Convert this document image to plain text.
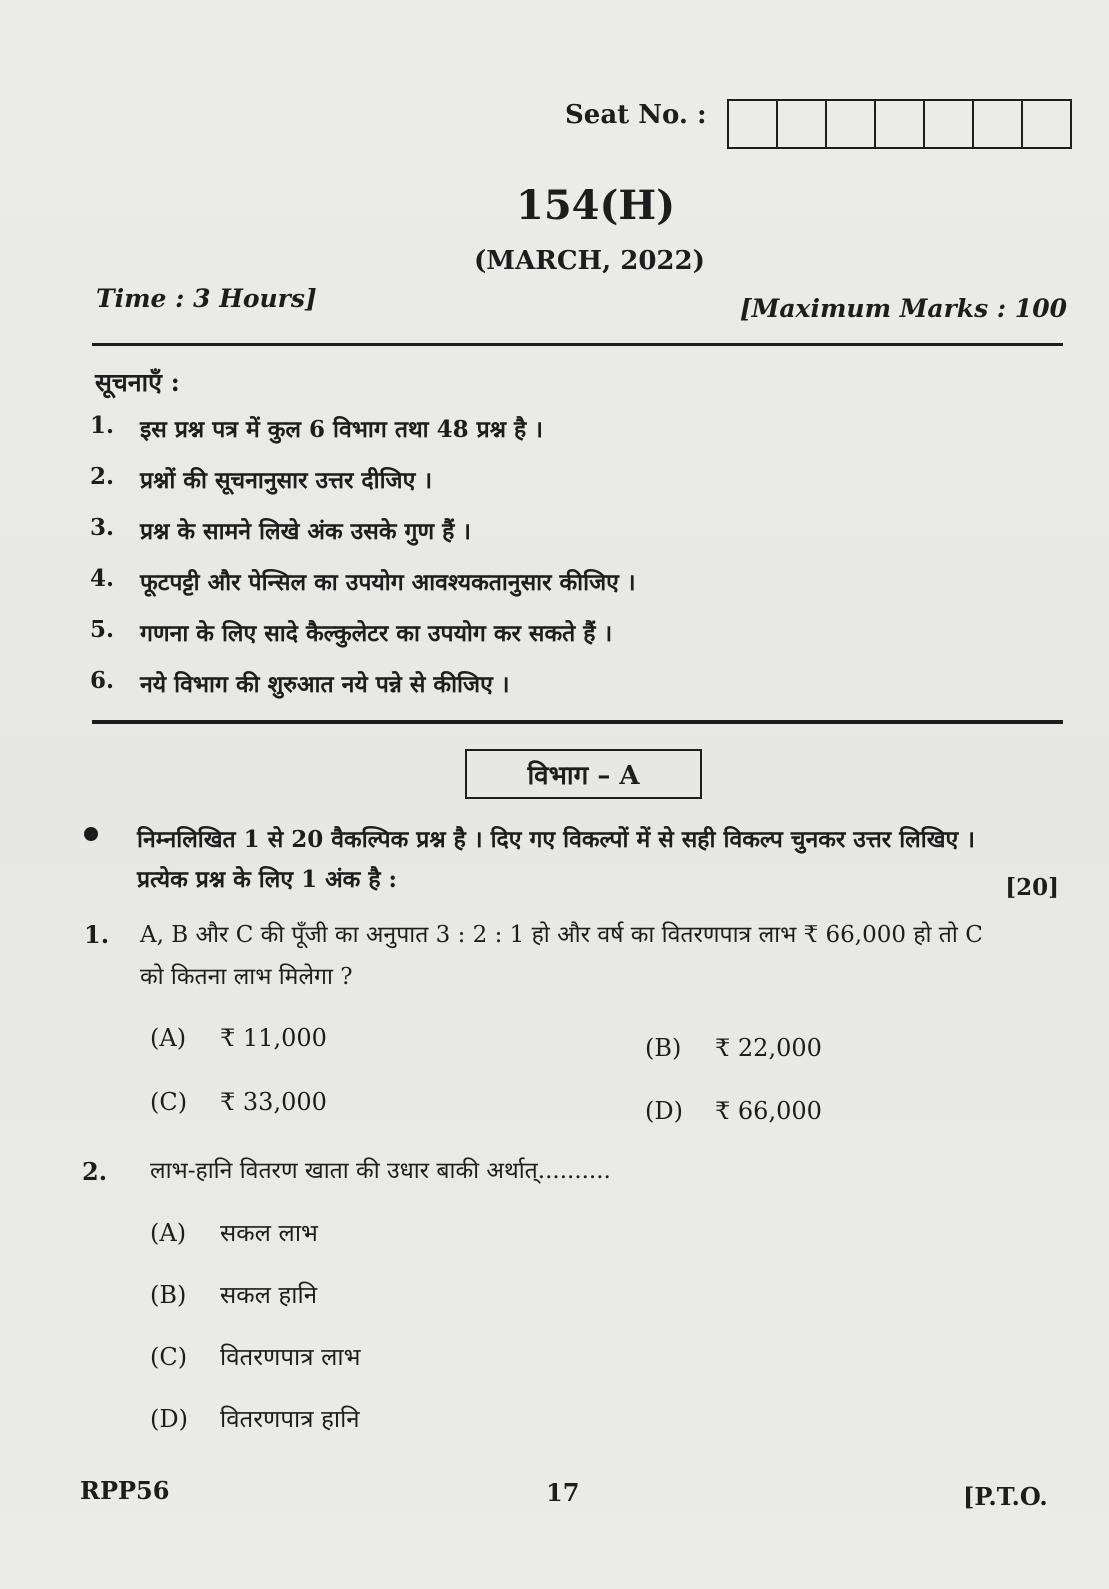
Seat No. :
154(H)
(MARCH, 2022)
Time : 3 Hours]	[Maximum Marks : 100
सूचनाएँ :
1.	इस प्रश्न पत्र में कुल 6 विभाग तथा 48 प्रश्न है ।
2.	प्रश्नों की सूचनानुसार उत्तर दीजिए ।
3.	प्रश्न के सामने लिखे अंक उसके गुण हैं ।
4.	फूटपट्टी और पेन्सिल का उपयोग आवश्यकतानुसार कीजिए ।
5.	गणना के लिए सादे कैल्कुलेटर का उपयोग कर सकते हैं ।
6.	नये विभाग की शुरुआत नये पन्ने से कीजिए ।
विभाग – A
निम्नलिखित 1 से 20 वैकल्पिक प्रश्न है । दिए गए विकल्पों में से सही विकल्प चुनकर उत्तर लिखिए । प्रत्येक प्रश्न के लिए 1 अंक है :	[20]
1. A, B और C की पूँजी का अनुपात 3 : 2 : 1 हो और वर्ष का वितरणपात्र लाभ ₹ 66,000 हो तो C को कितना लाभ मिलेगा ?
(A) ₹ 11,000	(B) ₹ 22,000
(C) ₹ 33,000	(D) ₹ 66,000
2. लाभ-हानि वितरण खाता की उधार बाकी अर्थात्..........
(A) सकल लाभ
(B) सकल हानि
(C) वितरणपात्र लाभ
(D) वितरणपात्र हानि
RPP56	17	[P.T.O.
